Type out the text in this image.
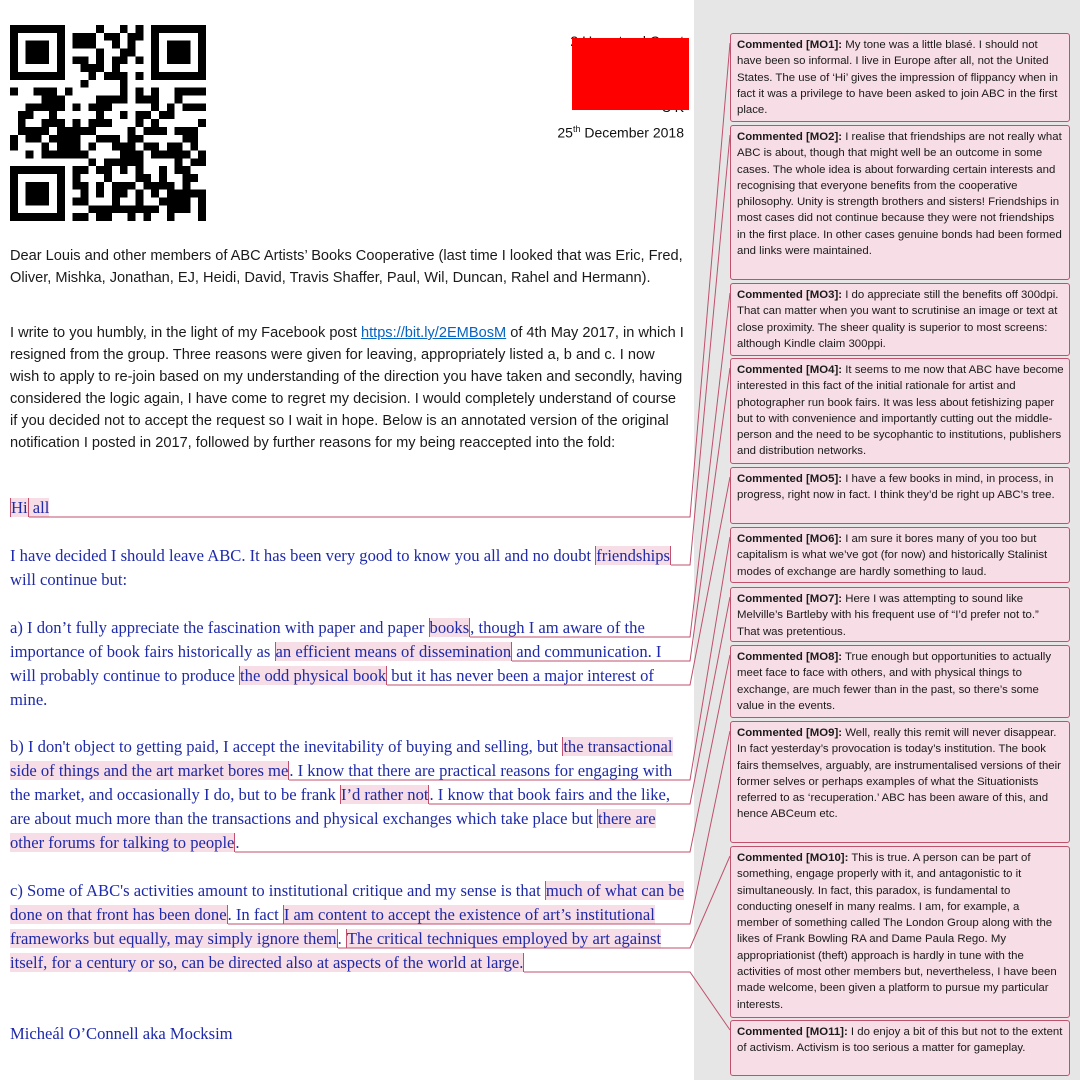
25th December 2018

Dear Louis and other members of ABC Artists’ Books Cooperative (last time I looked that was Eric, Fred, Oliver, Mishka, Jonathan, EJ, Heidi, David, Travis Shaffer, Paul, Wil, Duncan, Rahel and Hermann).

I write to you humbly, in the light of my Facebook post https://bit.ly/2EMBosM of 4th May 2017, in which I resigned from the group. Three reasons were given for leaving, appropriately listed a, b and c. I now wish to apply to re-join based on my understanding of the direction you have taken and secondly, having considered the logic again, I have come to regret my decision. I would completely understand of course if you decided not to accept the request so I wait in hope. Below is an annotated version of the original notification I posted in 2017, followed by further reasons for my being reaccepted into the fold:

Hi all

I have decided I should leave ABC. It has been very good to know you all and no doubt friendships will continue but:

a) I don’t fully appreciate the fascination with paper and paper books, though I am aware of the importance of book fairs historically as an efficient means of dissemination and communication. I will probably continue to produce the odd physical book but it has never been a major interest of mine.

b) I don't object to getting paid, I accept the inevitability of buying and selling, but the transactional side of things and the art market bores me. I know that there are practical reasons for engaging with the market, and occasionally I do, but to be frank I’d rather not. I know that book fairs and the like, are about much more than the transactions and physical exchanges which take place but there are other forums for talking to people.

c) Some of ABC's activities amount to institutional critique and my sense is that much of what can be done on that front has been done. In fact I am content to accept the existence of art’s institutional frameworks but equally, may simply ignore them. The critical techniques employed by art against itself, for a century or so, can be directed also at aspects of the world at large.

Micheál O’Connell aka Mocksim

Commented [MO1]: My tone was a little blasé. I should not have been so informal. I live in Europe after all, not the United States. The use of ‘Hi’ gives the impression of flippancy when in fact it was a privilege to have been asked to join ABC in the first place.
Commented [MO2]: I realise that friendships are not really what ABC is about, though that might well be an outcome in some cases. The whole idea is about forwarding certain interests and recognising that everyone benefits from the cooperative philosophy. Unity is strength brothers and sisters! Friendships in most cases did not continue because they were not friendships in the first place. In other cases genuine bonds had been formed and links were maintained.
Commented [MO3]: I do appreciate still the benefits off 300dpi. That can matter when you want to scrutinise an image or text at close proximity. The sheer quality is superior to most screens: although Kindle claim 300ppi.
Commented [MO4]: It seems to me now that ABC have become interested in this fact of the initial rationale for artist and photographer run book fairs. It was less about fetishizing paper but to with convenience and importantly cutting out the middle-person and the need to be sycophantic to institutions, publishers and distribution networks.
Commented [MO5]: I have a few books in mind, in process, in progress, right now in fact. I think they’d be right up ABC’s tree.
Commented [MO6]: I am sure it bores many of you too but capitalism is what we’ve got (for now) and historically Stalinist modes of exchange are hardly something to laud.
Commented [MO7]: Here I was attempting to sound like Melville’s Bartleby with his frequent use of “I’d prefer not to.” That was pretentious.
Commented [MO8]: True enough but opportunities to actually meet face to face with others, and with physical things to exchange, are much fewer than in the past, so there’s some value in the events.
Commented [MO9]: Well, really this remit will never disappear. In fact yesterday’s provocation is today’s institution. The book fairs themselves, arguably, are instrumentalised versions of their former selves or perhaps examples of what the Situationists referred to as ‘recuperation.’ ABC has been aware of this, and hence ABCeum etc.
Commented [MO10]: This is true. A person can be part of something, engage properly with it, and antagonistic to it simultaneously. In fact, this paradox, is fundamental to conducting oneself in many realms. I am, for example, a member of something called The London Group along with the likes of Frank Bowling RA and Dame Paula Rego. My appropriationist (theft) approach is hardly in tune with the activities of most other members but, nevertheless, I have been made welcome, been given a platform to pursue my particular interests.
Commented [MO11]: I do enjoy a bit of this but not to the extent of activism. Activism is too serious a matter for gameplay.
